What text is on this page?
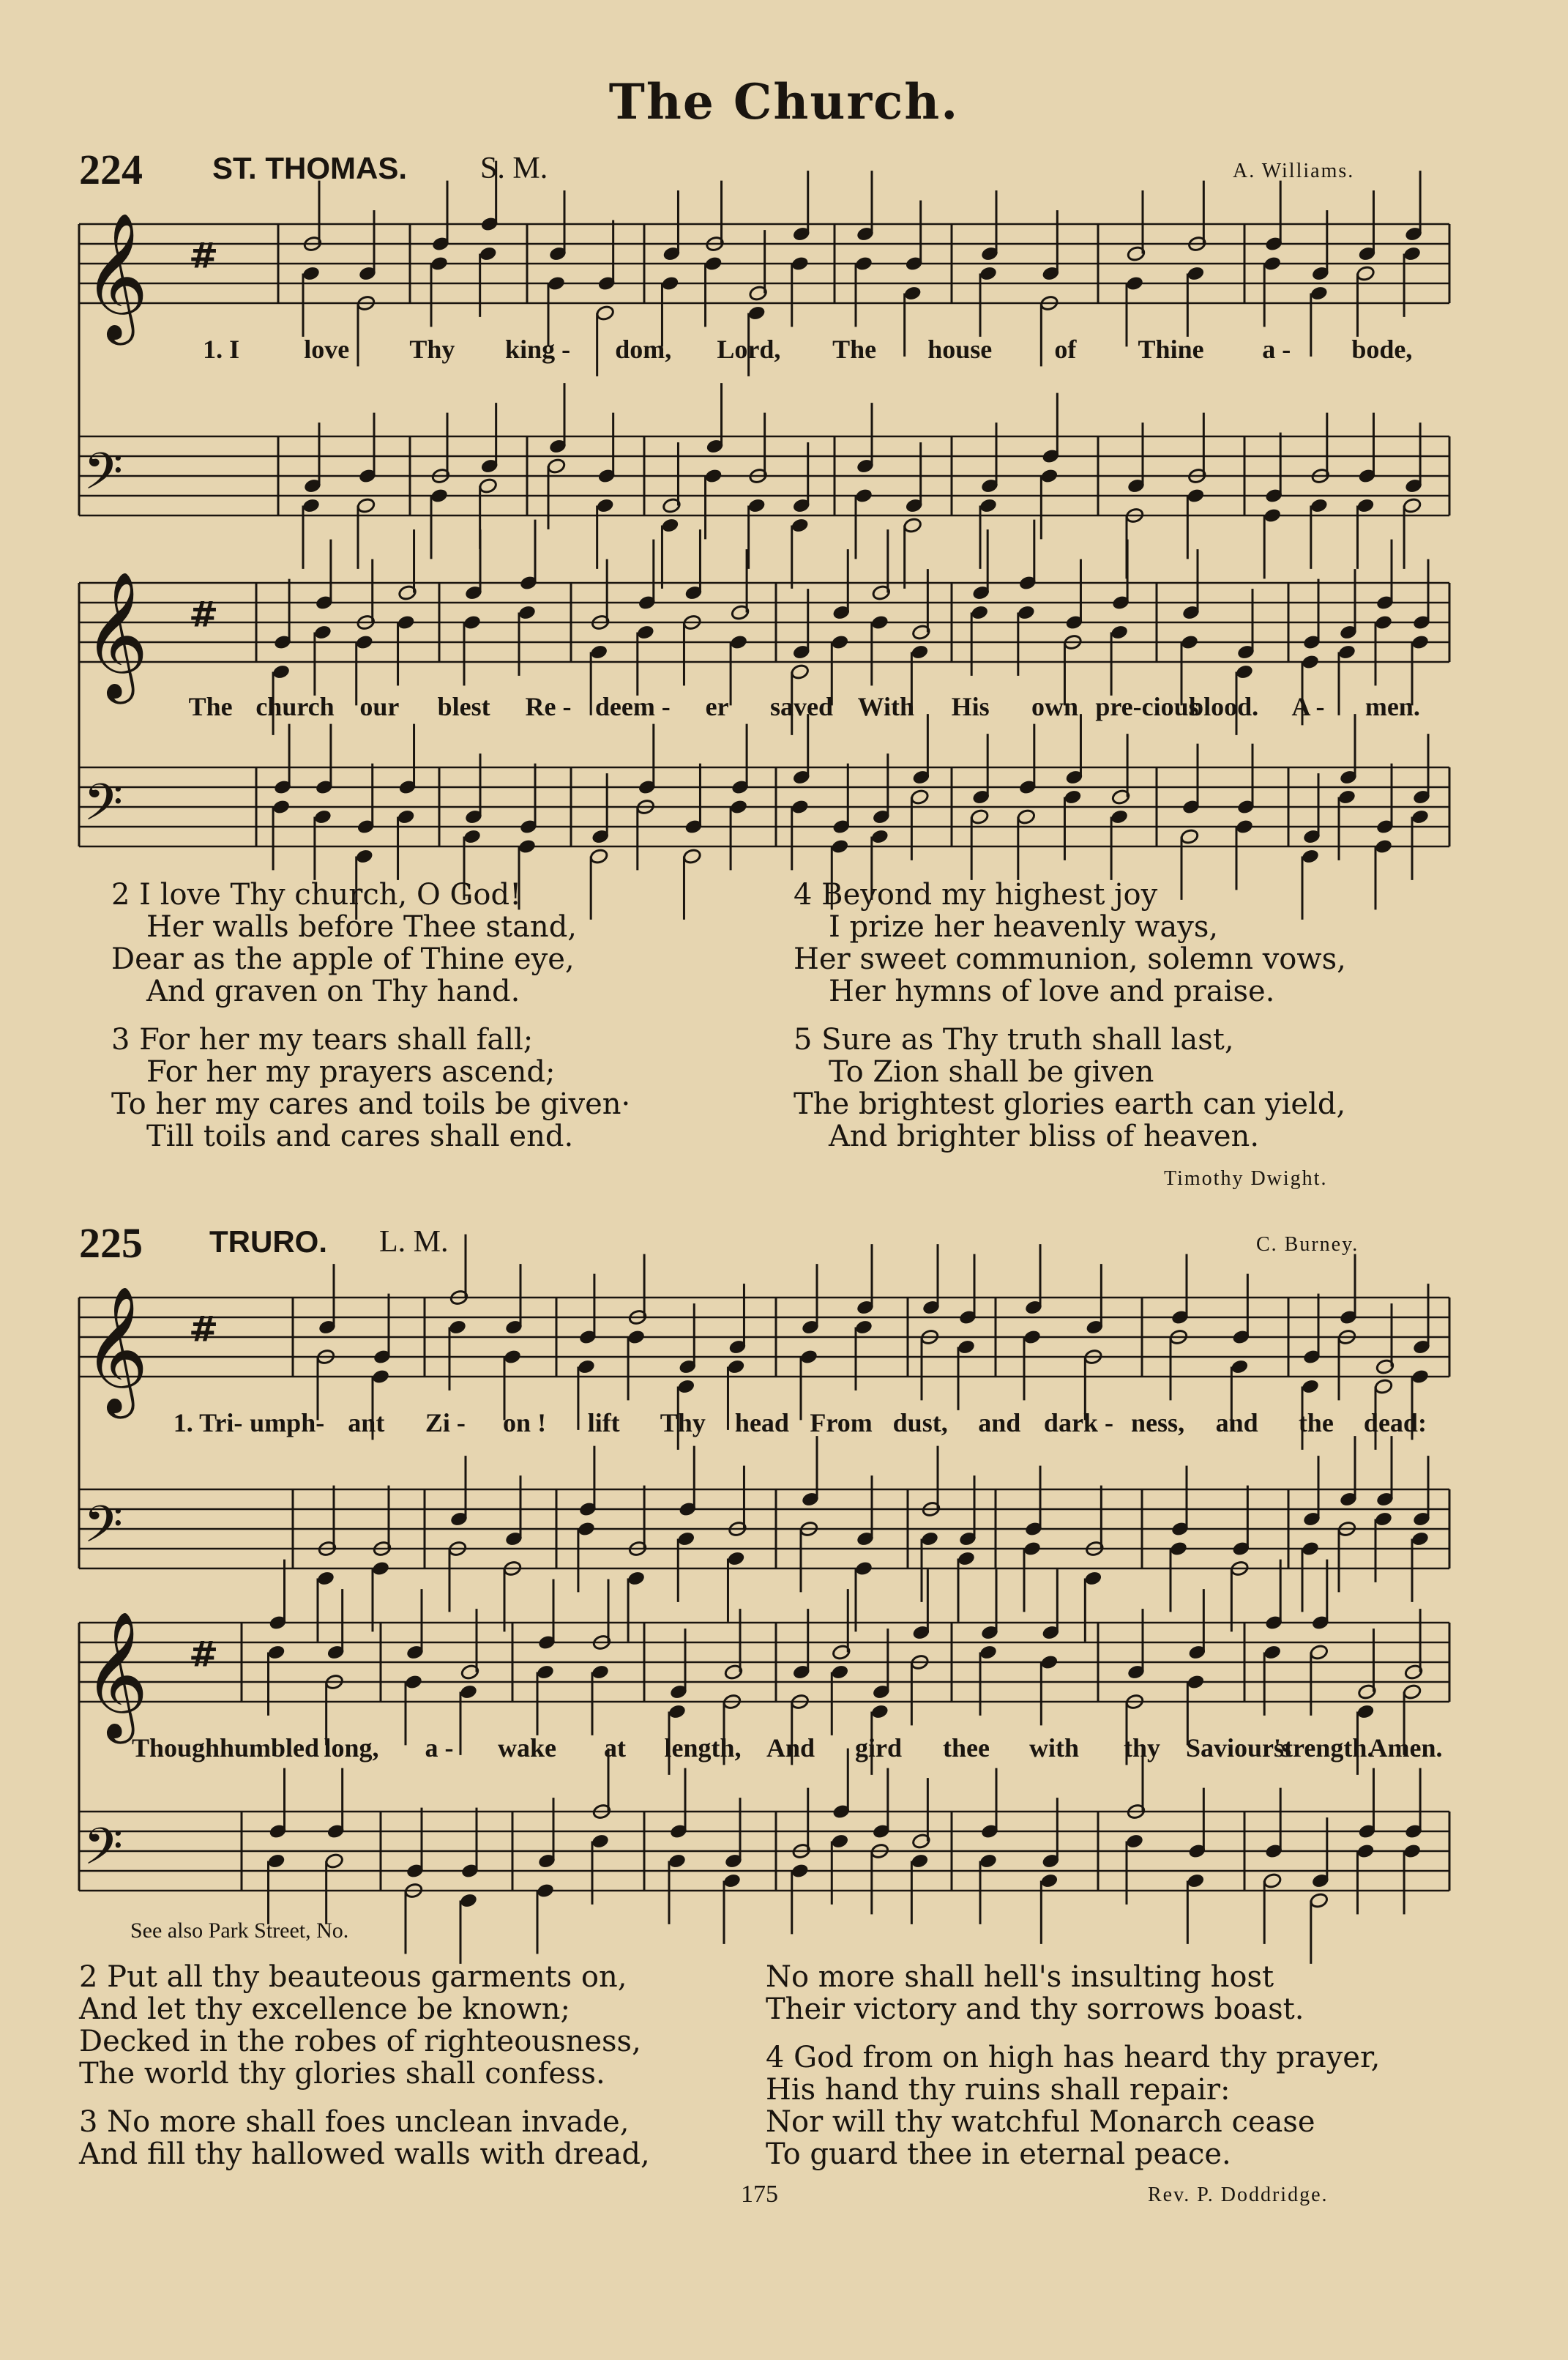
The Church.
224 ST. THOMAS. S. M.	A. Williams.
𝄞
𝄢
#
𝄞
𝄢
#
1. I	love	Thy	king -	dom,	Lord,	The	house	of	Thine	a -	bode,
The church our	blest	Re - deem -	er	saved With	His	own pre-cious
blood.	A -	men.
2 I love Thy church, O God!
Her walls before Thee stand,
Dear as the apple of Thine eye,
And graven on Thy hand.
3 For her my tears shall fall;
For her my prayers ascend;
To her my cares and toils be given·
Till toils and cares shall end.
4 Beyond my highest joy
I prize her heavenly ways,
Her sweet communion, solemn vows,
Her hymns of love and praise.
5 Sure as Thy truth shall last,
To Zion shall be given
The brightest glories earth can yield,
And brighter bliss of heaven.
Timothy Dwight.
225 TRURO. L. M.	C. Burney.
𝄞
𝄢
#
𝄞
𝄢
#
1. Tri- umph- ant	Zi -	on !	lift	Thy	head From dust,	and dark - ness,	and	the	dead:
Though humbled long,	a -	wake	at	length, And	gird	thee	with	thy Saviour's
strength.
Amen.
See also Park Street, No.
2 Put all thy beauteous garments on,
And let thy excellence be known;
Decked in the robes of righteousness,
The world thy glories shall confess.
3 No more shall foes unclean invade,
And fill thy hallowed walls with dread,
No more shall hell's insulting host
Their victory and thy sorrows boast.
4 God from on high has heard thy prayer,
His hand thy ruins shall repair:
Nor will thy watchful Monarch cease
To guard thee in eternal peace.
175	Rev. P. Doddridge.
